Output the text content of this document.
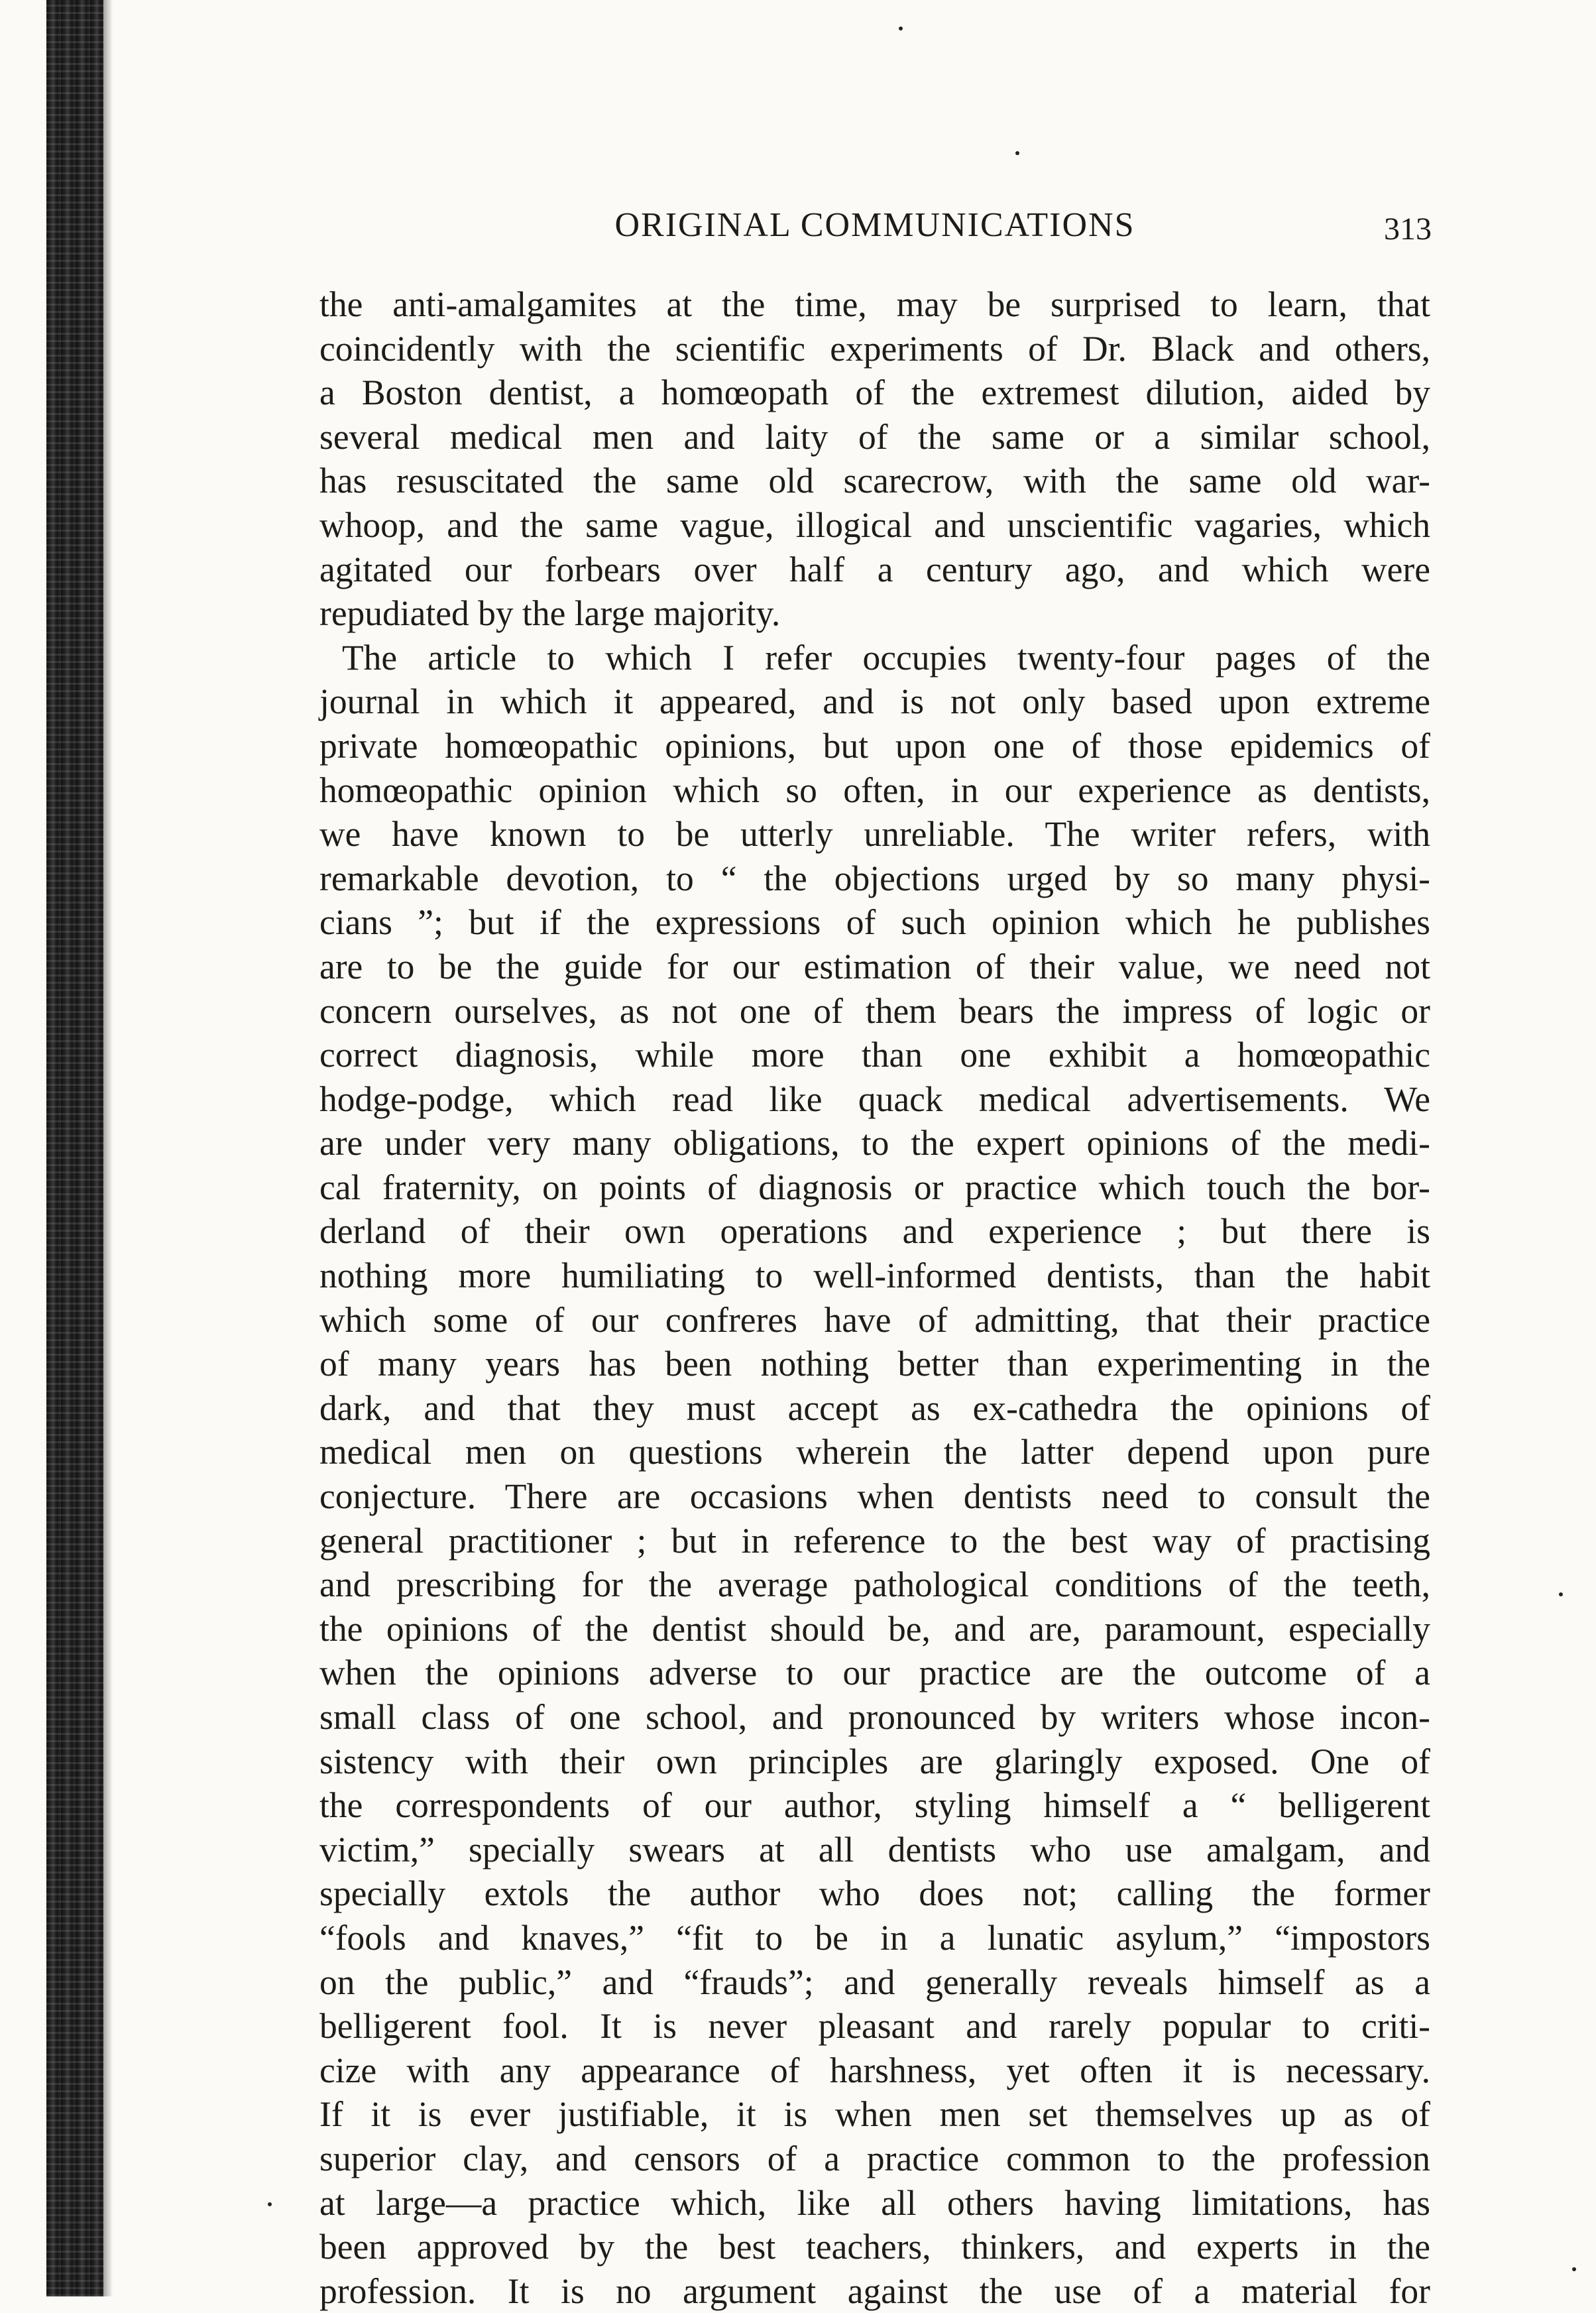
ORIGINAL COMMUNICATIONS	313
the anti-amalgamites at the time, may be surprised to learn, that
coincidently with the scientific experiments of Dr. Black and others,
a Boston dentist, a homœopath of the extremest dilution, aided by
several medical men and laity of the same or a similar school,
has resuscitated the same old scarecrow, with the same old war-
whoop, and the same vague, illogical and unscientific vagaries, which
agitated our forbears over half a century ago, and which were
repudiated by the large majority.
The article to which I refer occupies twenty-four pages of the
journal in which it appeared, and is not only based upon extreme
private homœopathic opinions, but upon one of those epidemics of
homœopathic opinion which so often, in our experience as dentists,
we have known to be utterly unreliable. The writer refers, with
remarkable devotion, to “ the objections urged by so many physi-
cians ”; but if the expressions of such opinion which he publishes
are to be the guide for our estimation of their value, we need not
concern ourselves, as not one of them bears the impress of logic or
correct diagnosis, while more than one exhibit a homœopathic
hodge-podge, which read like quack medical advertisements. We
are under very many obligations, to the expert opinions of the medi-
cal fraternity, on points of diagnosis or practice which touch the bor-
derland of their own operations and experience ; but there is
nothing more humiliating to well-informed dentists, than the habit
which some of our confreres have of admitting, that their practice
of many years has been nothing better than experimenting in the
dark, and that they must accept as ex-cathedra the opinions of
medical men on questions wherein the latter depend upon pure
conjecture. There are occasions when dentists need to consult the
general practitioner ; but in reference to the best way of practising
and prescribing for the average pathological conditions of the teeth,
the opinions of the dentist should be, and are, paramount, especially
when the opinions adverse to our practice are the outcome of a
small class of one school, and pronounced by writers whose incon-
sistency with their own principles are glaringly exposed. One of
the correspondents of our author, styling himself a “ belligerent
victim,” specially swears at all dentists who use amalgam, and
specially extols the author who does not; calling the former
“fools and knaves,” “fit to be in a lunatic asylum,” “impostors
on the public,” and “frauds”; and generally reveals himself as a
belligerent fool. It is never pleasant and rarely popular to criti-
cize with any appearance of harshness, yet often it is necessary.
If it is ever justifiable, it is when men set themselves up as of
superior clay, and censors of a practice common to the profession
at large—a practice which, like all others having limitations, has
been approved by the best teachers, thinkers, and experts in the
profession. It is no argument against the use of a material for
